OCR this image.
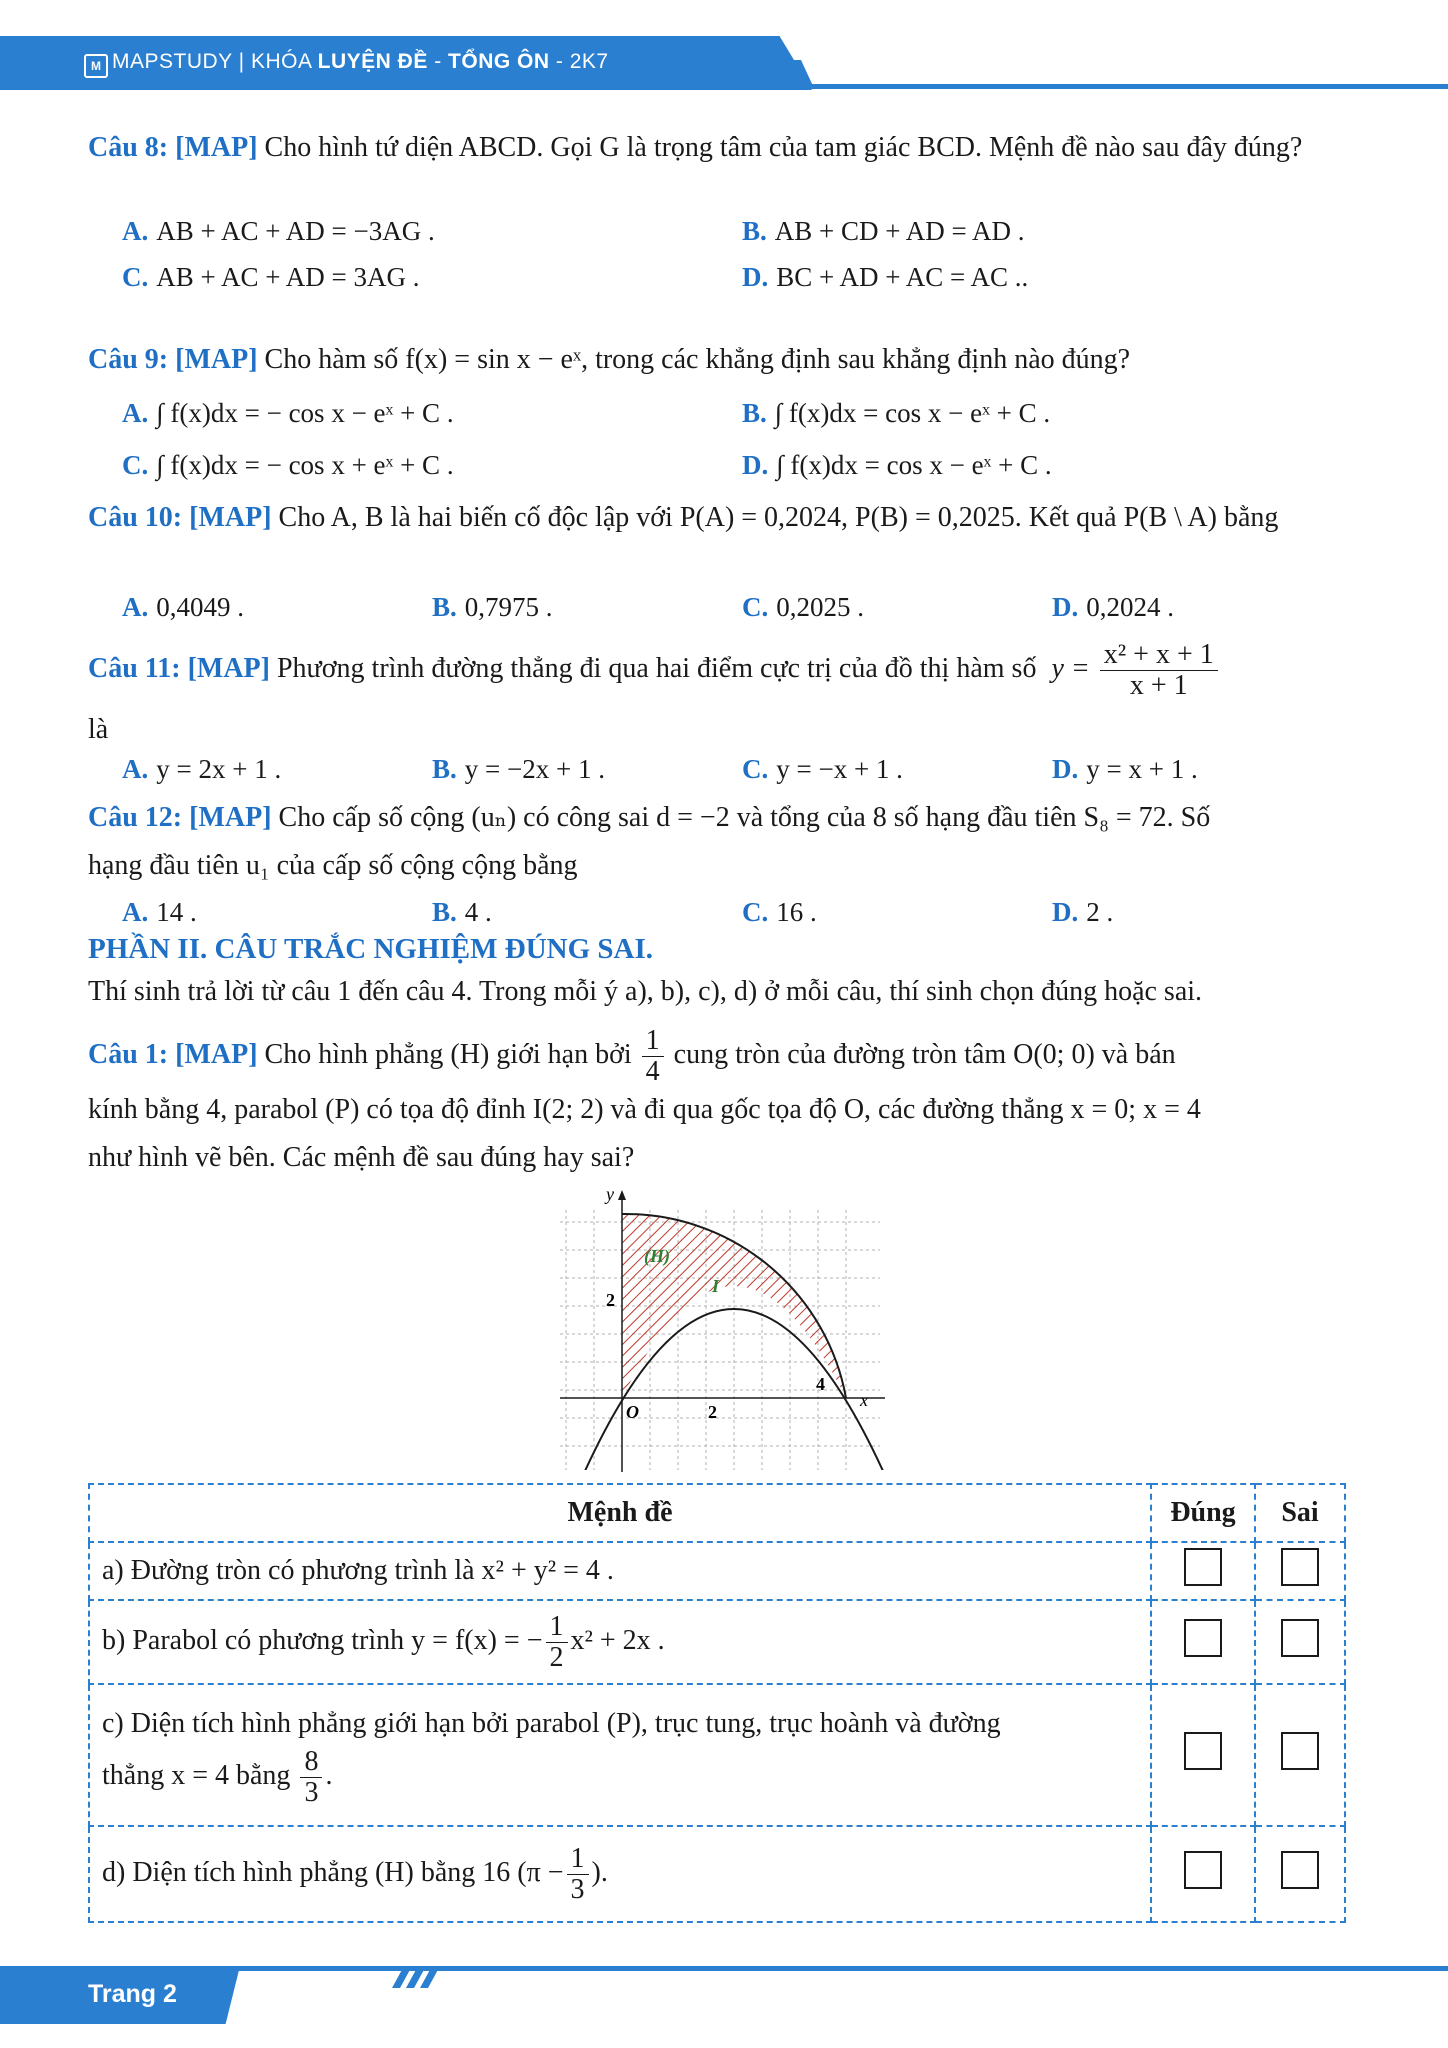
M MAPSTUDY | KHÓA LUYỆN ĐỀ - TỔNG ÔN - 2K7
Câu 8: [MAP] Cho hình tứ diện ABCD. Gọi G là trọng tâm của tam giác BCD. Mệnh đề nào sau đây đúng?
A. AB + AC + AD = −3AG .	B. AB + CD + AD = AD .
C. AB + AC + AD = 3AG .	D. BC + AD + AC = AC ..
Câu 9: [MAP] Cho hàm số f(x) = sin x − eˣ, trong các khẳng định sau khẳng định nào đúng?
A. ∫ f(x)dx = − cos x − eˣ + C .	B. ∫ f(x)dx = cos x − eˣ + C .
C. ∫ f(x)dx = − cos x + eˣ + C .	D. ∫ f(x)dx = cos x − eˣ + C .
Câu 10: [MAP] Cho A, B là hai biến cố độc lập với P(A) = 0,2024, P(B) = 0,2025. Kết quả P(B \ A) bằng
A. 0,4049 .	B. 0,7975 .	C. 0,2025 .	D. 0,2024 .
Câu 11: [MAP] Phương trình đường thẳng đi qua hai điểm cực trị của đồ thị hàm số $y = \frac{\text{x² + x + 1}}{x + 1}$
là
A. y = 2x + 1 .	B. y = −2x + 1 .	C. y = −x + 1 .	D. y = x + 1 .
Câu 12: [MAP] Cho cấp số cộng (uₙ) có công sai d = −2 và tổng của 8 số hạng đầu tiên S₈ = 72. Số
hạng đầu tiên u₁ của cấp số cộng cộng bằng
A. 14 .	B. 4 .	C. 16 .	D. 2 .
PHẦN II. CÂU TRẮC NGHIỆM ĐÚNG SAI.
Thí sinh trả lời từ câu 1 đến câu 4. Trong mỗi ý a), b), c), d) ở mỗi câu, thí sinh chọn đúng hoặc sai.
Câu 1: [MAP] Cho hình phẳng (H) giới hạn bởi $\frac{1}{4}$ cung tròn của đường tròn tâm O(0; 0) và bán
kính bằng 4, parabol (P) có tọa độ đỉnh I(2; 2) và đi qua gốc tọa độ O, các đường thẳng x = 0; x = 4
như hình vẽ bên. Các mệnh đề sau đúng hay sai?
y
x
O	2
4
2
(H)
I
Mệnh đề	Đúng	Sai
a) Đường tròn có phương trình là x² + y² = 4 .		
b) Parabol có phương trình y = f(x) = − $\frac{1}{2} x^2 + 2x$ .		

c) Diện tích hình phẳng giới hạn bởi parabol (P), trục tung, trục hoành và đường
thẳng x = 4 bằng $\frac{8}{3}$ .		

d) Diện tích hình phẳng (H) bằng 16 ($\pi - \frac{1}{3}$ ).		
Trang 2
